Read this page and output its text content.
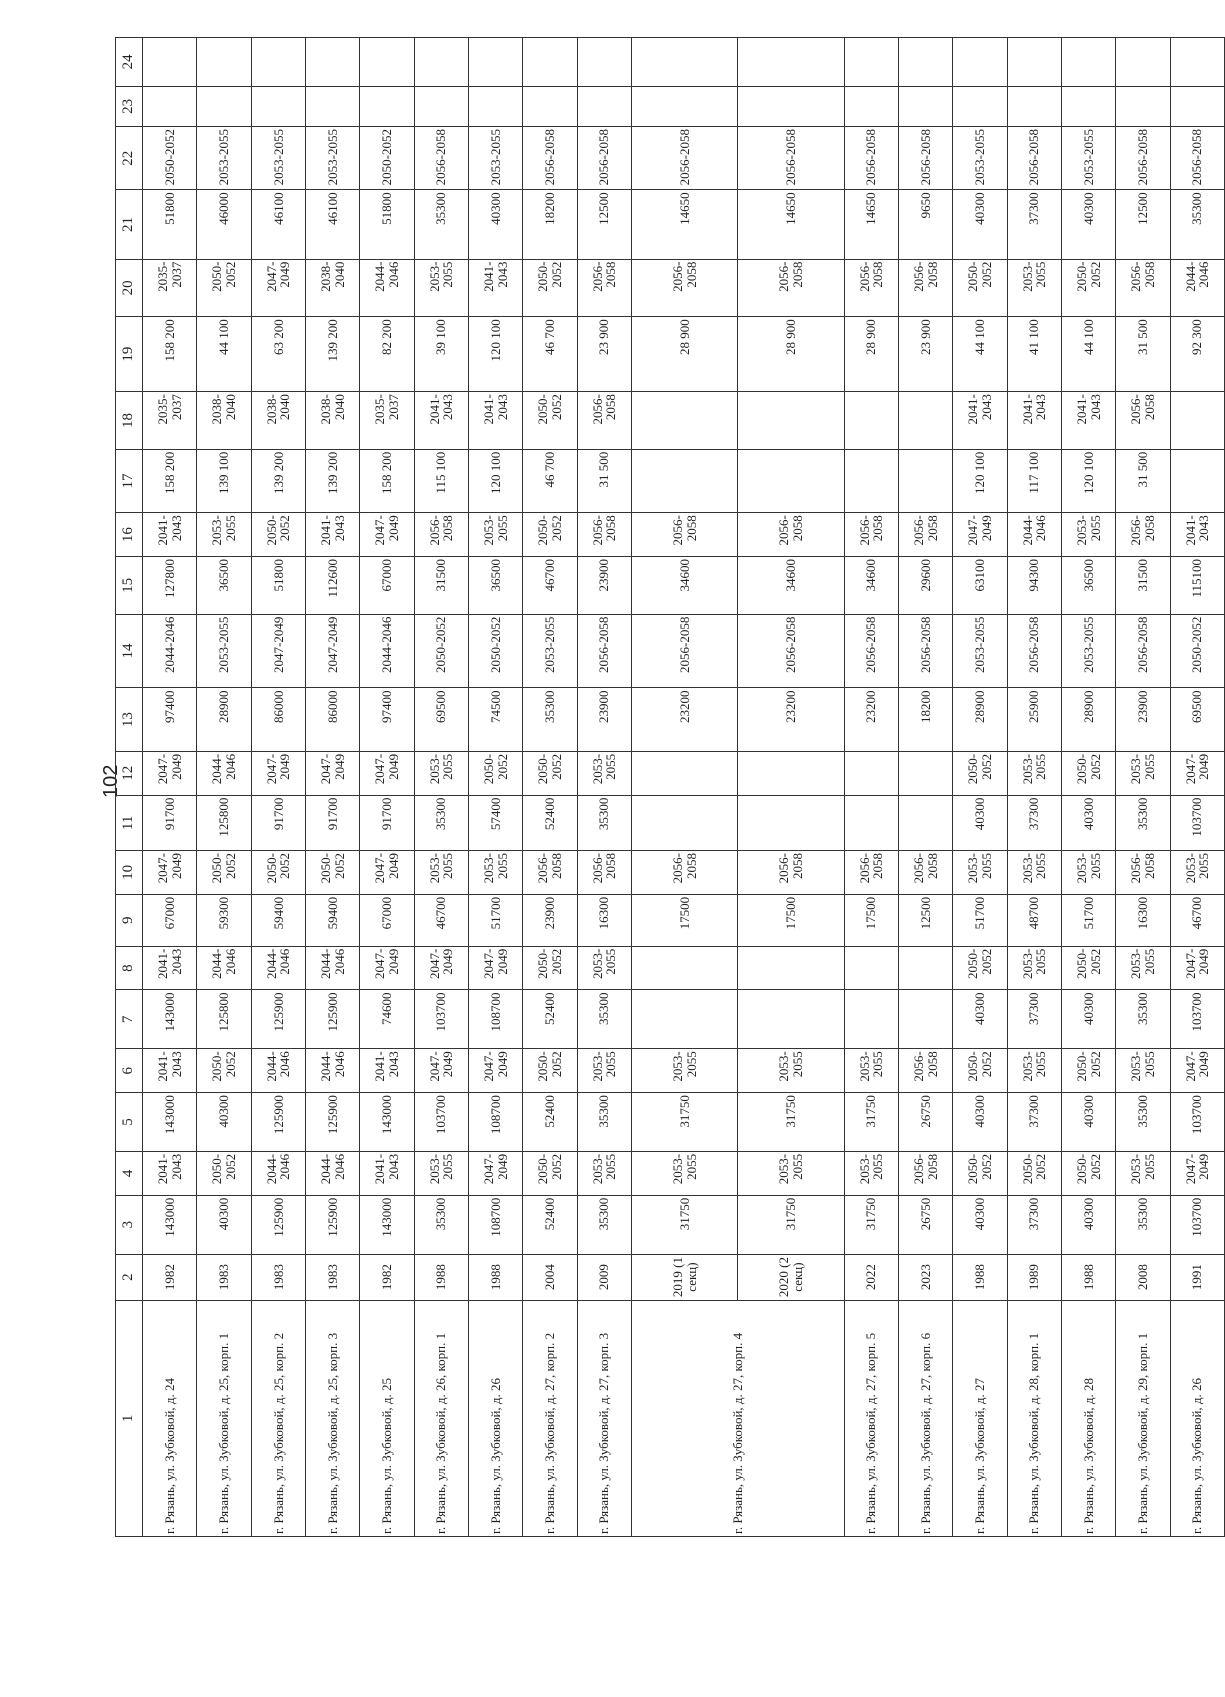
102
1	2	3	4	5	6	7	8	9	10	11	12	13	14	15	16	17	18	19	20	21	22	23	24
г. Рязань, ул. Зубковой, д. 24	1982	143000	2041-2043	143000	2041-2043	143000	2041-2043	67000	2047-2049	91700	2047-2049	97400	2044-2046	127800	2041-2043	158 200	2035-2037	158 200	2035-2037	51800	2050-2052		
г. Рязань, ул. Зубковой, д. 25, корп. 1	1983	40300	2050-2052	40300	2050-2052	125800	2044-2046	59300	2050-2052	125800	2044-2046	28900	2053-2055	36500	2053-2055	139 100	2038-2040	44 100	2050-2052	46000	2053-2055		
г. Рязань, ул. Зубковой, д. 25, корп. 2	1983	125900	2044-2046	125900	2044-2046	125900	2044-2046	59400	2050-2052	91700	2047-2049	86000	2047-2049	51800	2050-2052	139 200	2038-2040	63 200	2047-2049	46100	2053-2055		
г. Рязань, ул. Зубковой, д. 25, корп. 3	1983	125900	2044-2046	125900	2044-2046	125900	2044-2046	59400	2050-2052	91700	2047-2049	86000	2047-2049	112600	2041-2043	139 200	2038-2040	139 200	2038-2040	46100	2053-2055		
г. Рязань, ул. Зубковой, д. 25	1982	143000	2041-2043	143000	2041-2043	74600	2047-2049	67000	2047-2049	91700	2047-2049	97400	2044-2046	67000	2047-2049	158 200	2035-2037	82 200	2044-2046	51800	2050-2052		
г. Рязань, ул. Зубковой, д. 26, корп. 1	1988	35300	2053-2055	103700	2047-2049	103700	2047-2049	46700	2053-2055	35300	2053-2055	69500	2050-2052	31500	2056-2058	115 100	2041-2043	39 100	2053-2055	35300	2056-2058		
г. Рязань, ул. Зубковой, д. 26	1988	108700	2047-2049	108700	2047-2049	108700	2047-2049	51700	2053-2055	57400	2050-2052	74500	2050-2052	36500	2053-2055	120 100	2041-2043	120 100	2041-2043	40300	2053-2055		
г. Рязань, ул. Зубковой, д. 27, корп. 2	2004	52400	2050-2052	52400	2050-2052	52400	2050-2052	23900	2056-2058	52400	2050-2052	35300	2053-2055	46700	2050-2052	46 700	2050-2052	46 700	2050-2052	18200	2056-2058		
г. Рязань, ул. Зубковой, д. 27, корп. 3	2009	35300	2053-2055	35300	2053-2055	35300	2053-2055	16300	2056-2058	35300	2053-2055	23900	2056-2058	23900	2056-2058	31 500	2056-2058	23 900	2056-2058	12500	2056-2058		
г. Рязань, ул. Зубковой, д. 27, корп. 4	2019 (1 секц)	31750	2053-2055	31750	2053-2055			17500	2056-2058			23200	2056-2058	34600	2056-2058			28 900	2056-2058	14650	2056-2058		
	2020 (2 секц)	31750	2053-2055	31750	2053-2055			17500	2056-2058			23200	2056-2058	34600	2056-2058			28 900	2056-2058	14650	2056-2058		
г. Рязань, ул. Зубковой, д. 27, корп. 5	2022	31750	2053-2055	31750	2053-2055			17500	2056-2058			23200	2056-2058	34600	2056-2058			28 900	2056-2058	14650	2056-2058		
г. Рязань, ул. Зубковой, д. 27, корп. 6	2023	26750	2056-2058	26750	2056-2058			12500	2056-2058			18200	2056-2058	29600	2056-2058			23 900	2056-2058	9650	2056-2058		
г. Рязань, ул. Зубковой, д. 27	1988	40300	2050-2052	40300	2050-2052	40300	2050-2052	51700	2053-2055	40300	2050-2052	28900	2053-2055	63100	2047-2049	120 100	2041-2043	44 100	2050-2052	40300	2053-2055		
г. Рязань, ул. Зубковой, д. 28, корп. 1	1989	37300	2050-2052	37300	2053-2055	37300	2053-2055	48700	2053-2055	37300	2053-2055	25900	2056-2058	94300	2044-2046	117 100	2041-2043	41 100	2053-2055	37300	2056-2058		
г. Рязань, ул. Зубковой, д. 28	1988	40300	2050-2052	40300	2050-2052	40300	2050-2052	51700	2053-2055	40300	2050-2052	28900	2053-2055	36500	2053-2055	120 100	2041-2043	44 100	2050-2052	40300	2053-2055		
г. Рязань, ул. Зубковой, д. 29, корп. 1	2008	35300	2053-2055	35300	2053-2055	35300	2053-2055	16300	2056-2058	35300	2053-2055	23900	2056-2058	31500	2056-2058	31 500	2056-2058	31 500	2056-2058	12500	2056-2058		
г. Рязань, ул. Зубковой, д. 26	1991	103700	2047-2049	103700	2047-2049	103700	2047-2049	46700	2053-2055	103700	2047-2049	69500	2050-2052	115100	2041-2043			92 300	2044-2046	35300	2056-2058		
